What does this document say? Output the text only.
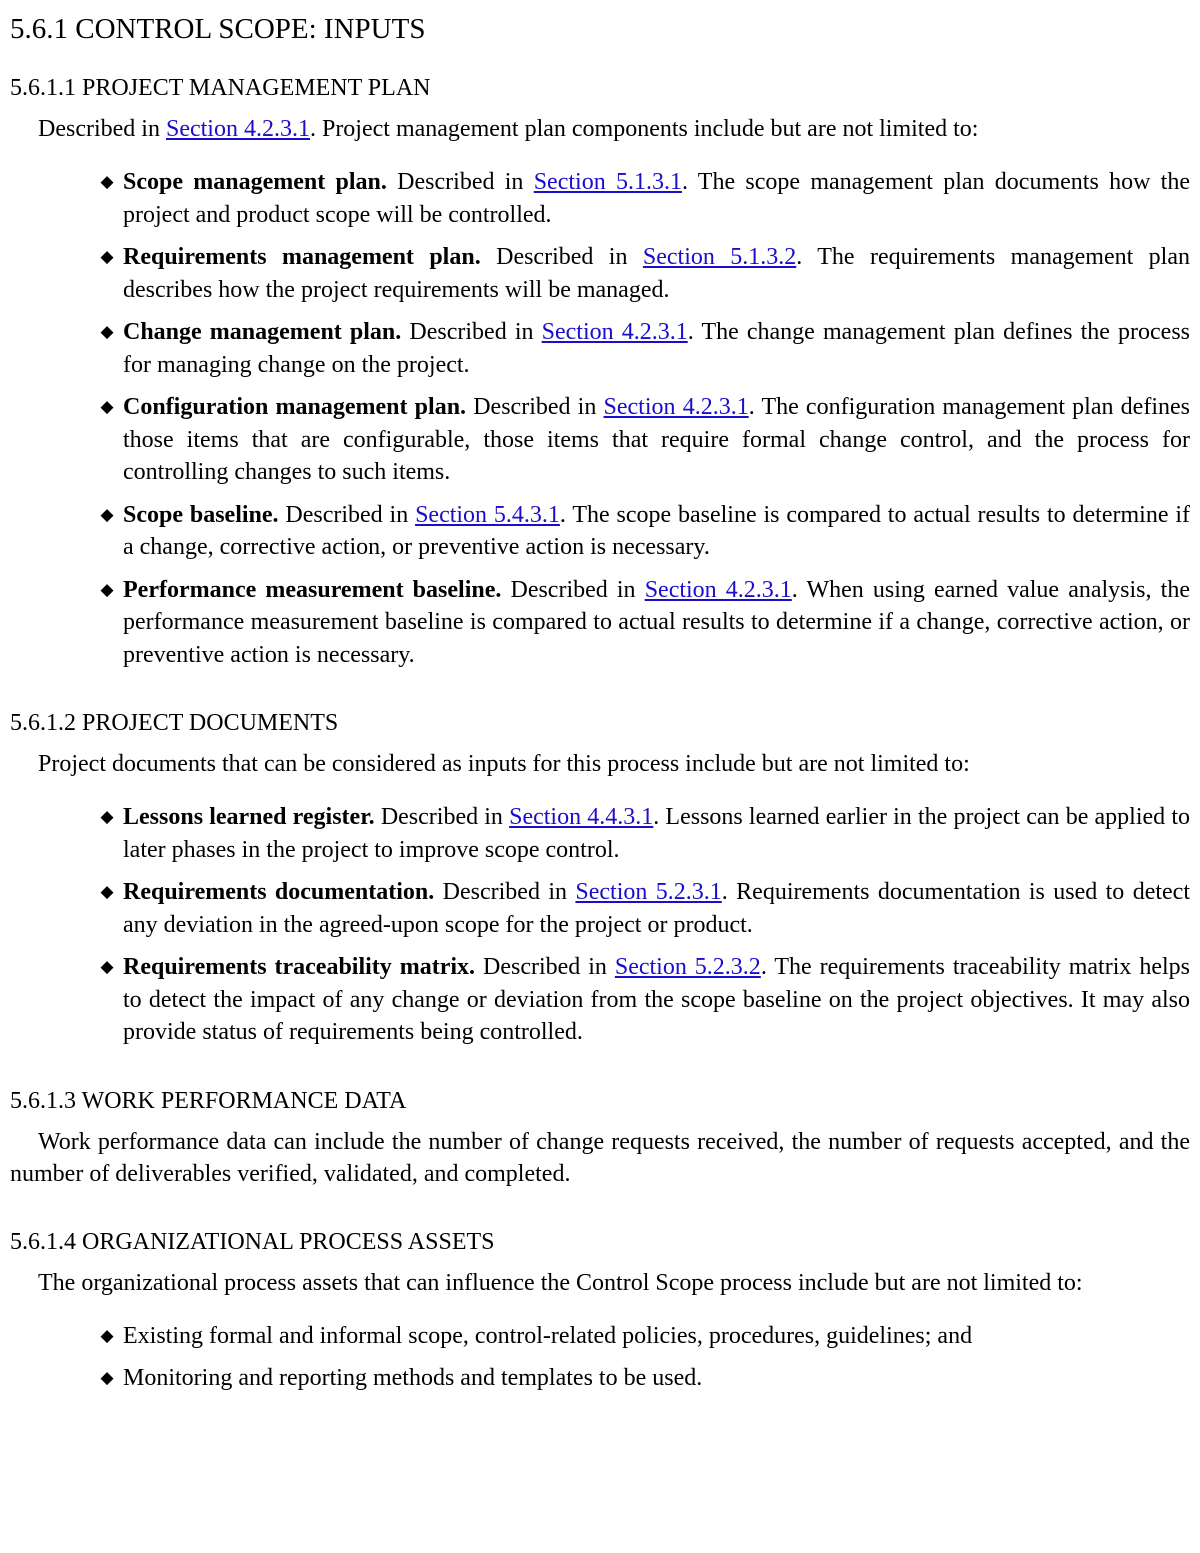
5.6.1 CONTROL SCOPE: INPUTS
5.6.1.1 PROJECT MANAGEMENT PLAN

Described in Section 4.2.3.1. Project management plan components include but are not limited to:

◆ Scope management plan. Described in Section 5.1.3.1. The scope management plan documents how the project and product scope will be controlled.
◆ Requirements management plan. Described in Section 5.1.3.2. The requirements management plan describes how the project requirements will be managed.
◆ Change management plan. Described in Section 4.2.3.1. The change management plan defines the process for managing change on the project.
◆ Configuration management plan. Described in Section 4.2.3.1. The configuration management plan defines those items that are configurable, those items that require formal change control, and the process for controlling changes to such items.
◆ Scope baseline. Described in Section 5.4.3.1. The scope baseline is compared to actual results to determine if a change, corrective action, or preventive action is necessary.
◆ Performance measurement baseline. Described in Section 4.2.3.1. When using earned value analysis, the performance measurement baseline is compared to actual results to determine if a change, corrective action, or preventive action is necessary.
5.6.1.2 PROJECT DOCUMENTS

Project documents that can be considered as inputs for this process include but are not limited to:

◆ Lessons learned register. Described in Section 4.4.3.1. Lessons learned earlier in the project can be applied to later phases in the project to improve scope control.
◆ Requirements documentation. Described in Section 5.2.3.1. Requirements documentation is used to detect any deviation in the agreed-upon scope for the project or product.
◆ Requirements traceability matrix. Described in Section 5.2.3.2. The requirements traceability matrix helps to detect the impact of any change or deviation from the scope baseline on the project objectives. It may also provide status of requirements being controlled.
5.6.1.3 WORK PERFORMANCE DATA

Work performance data can include the number of change requests received, the number of requests accepted, and the number of deliverables verified, validated, and completed.

5.6.1.4 ORGANIZATIONAL PROCESS ASSETS

The organizational process assets that can influence the Control Scope process include but are not limited to:

◆ Existing formal and informal scope, control-related policies, procedures, guidelines; and
◆ Monitoring and reporting methods and templates to be used.
